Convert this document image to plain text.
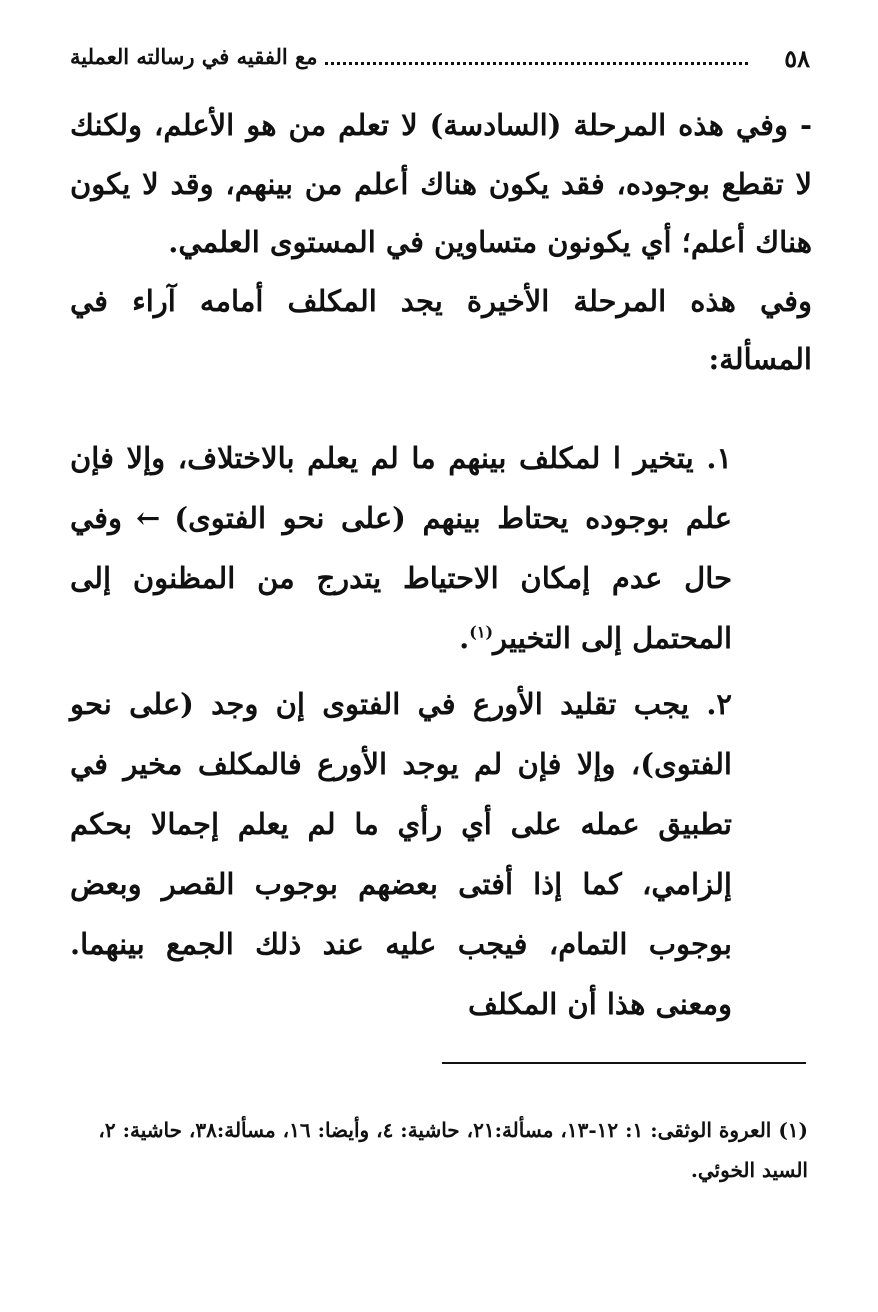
٥٨
مع الفقيه في رسالته العملية

- وفي هذه المرحلة (السادسة) لا تعلم من هو الأعلم، ولكنك لا تقطع بوجوده، فقد يكون هناك أعلم من بينهم، وقد لا يكون هناك أعلم؛ أي يكونون متساوين في المستوى العلمي.

وفي هذه المرحلة الأخيرة يجد المكلف أمامه آراء في المسألة:

١. يتخير ا لمكلف بينهم ما لم يعلم بالاختلاف، وإلا فإن علم بوجوده يحتاط بينهم (على نحو الفتوى)←وفي حال عدم إمكان الاحتياط يتدرج من المظنون إلى المحتمل إلى التخيير$^{(١)}$.

٢. يجب تقليد الأورع في الفتوى إن وجد (على نحو الفتوى)، وإلا فإن لم يوجد الأورع فالمكلف مخير في تطبيق عمله على أي رأي ما لم يعلم إجمالا بحكم إلزامي، كما إذا أفتى بعضهم بوجوب القصر وبعض بوجوب التمام، فيجب عليه عند ذلك الجمع بينهما. ومعنى هذا أن المكلف

(١) العروة الوثقى: ١: ١٢-١٣، مسألة:٢١، حاشية: ٤، وأيضا: ١٦، مسألة:٣٨، حاشية: ٢،

السيد الخوئي.
